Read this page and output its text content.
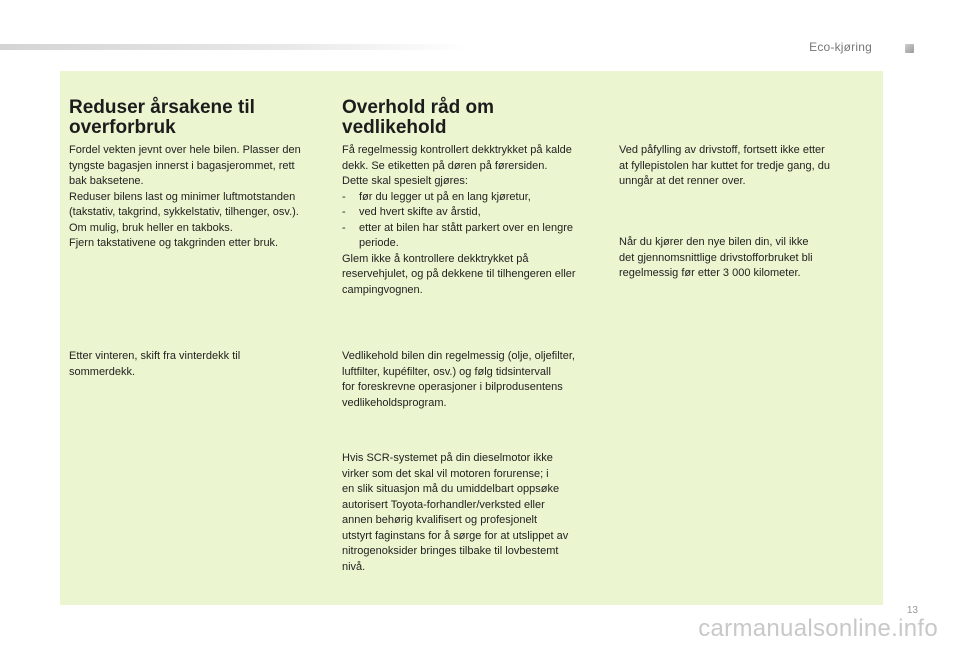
Eco-kjøring
Reduser årsakene til
overforbruk

Fordel vekten jevnt over hele bilen. Plasser den
tyngste bagasjen innerst i bagasjerommet, rett
bak baksetene.
Reduser bilens last og minimer luftmotstanden
(takstativ, takgrind, sykkelstativ, tilhenger, osv.).
Om mulig, bruk heller en takboks.
Fjern takstativene og takgrinden etter bruk.

Etter vinteren, skift fra vinterdekk til
sommerdekk.

Overhold råd om
vedlikehold

Få regelmessig kontrollert dekktrykket på kalde
dekk. Se etiketten på døren på førersiden.
Dette skal spesielt gjøres:

- før du legger ut på en lang kjøretur,
- ved hvert skifte av årstid,
- etter at bilen har stått parkert over en lengre
periode.

Glem ikke å kontrollere dekktrykket på
reservehjulet, og på dekkene til tilhengeren eller
campingvognen.

Vedlikehold bilen din regelmessig (olje, oljefilter,
luftfilter, kupéfilter, osv.) og følg tidsintervall
for foreskrevne operasjoner i bilprodusentens
vedlikeholdsprogram.

Hvis SCR-systemet på din dieselmotor ikke
virker som det skal vil motoren forurense; i
en slik situasjon må du umiddelbart oppsøke
autorisert Toyota-forhandler/verksted eller
annen behørig kvalifisert og profesjonelt
utstyrt faginstans for å sørge for at utslippet av
nitrogenoksider bringes tilbake til lovbestemt
nivå.

Ved påfylling av drivstoff, fortsett ikke etter
at fyllepistolen har kuttet for tredje gang, du
unngår at det renner over.

Når du kjører den nye bilen din, vil ikke
det gjennomsnittlige drivstofforbruket bli
regelmessig før etter 3 000 kilometer.

13
carmanualsonline.info
